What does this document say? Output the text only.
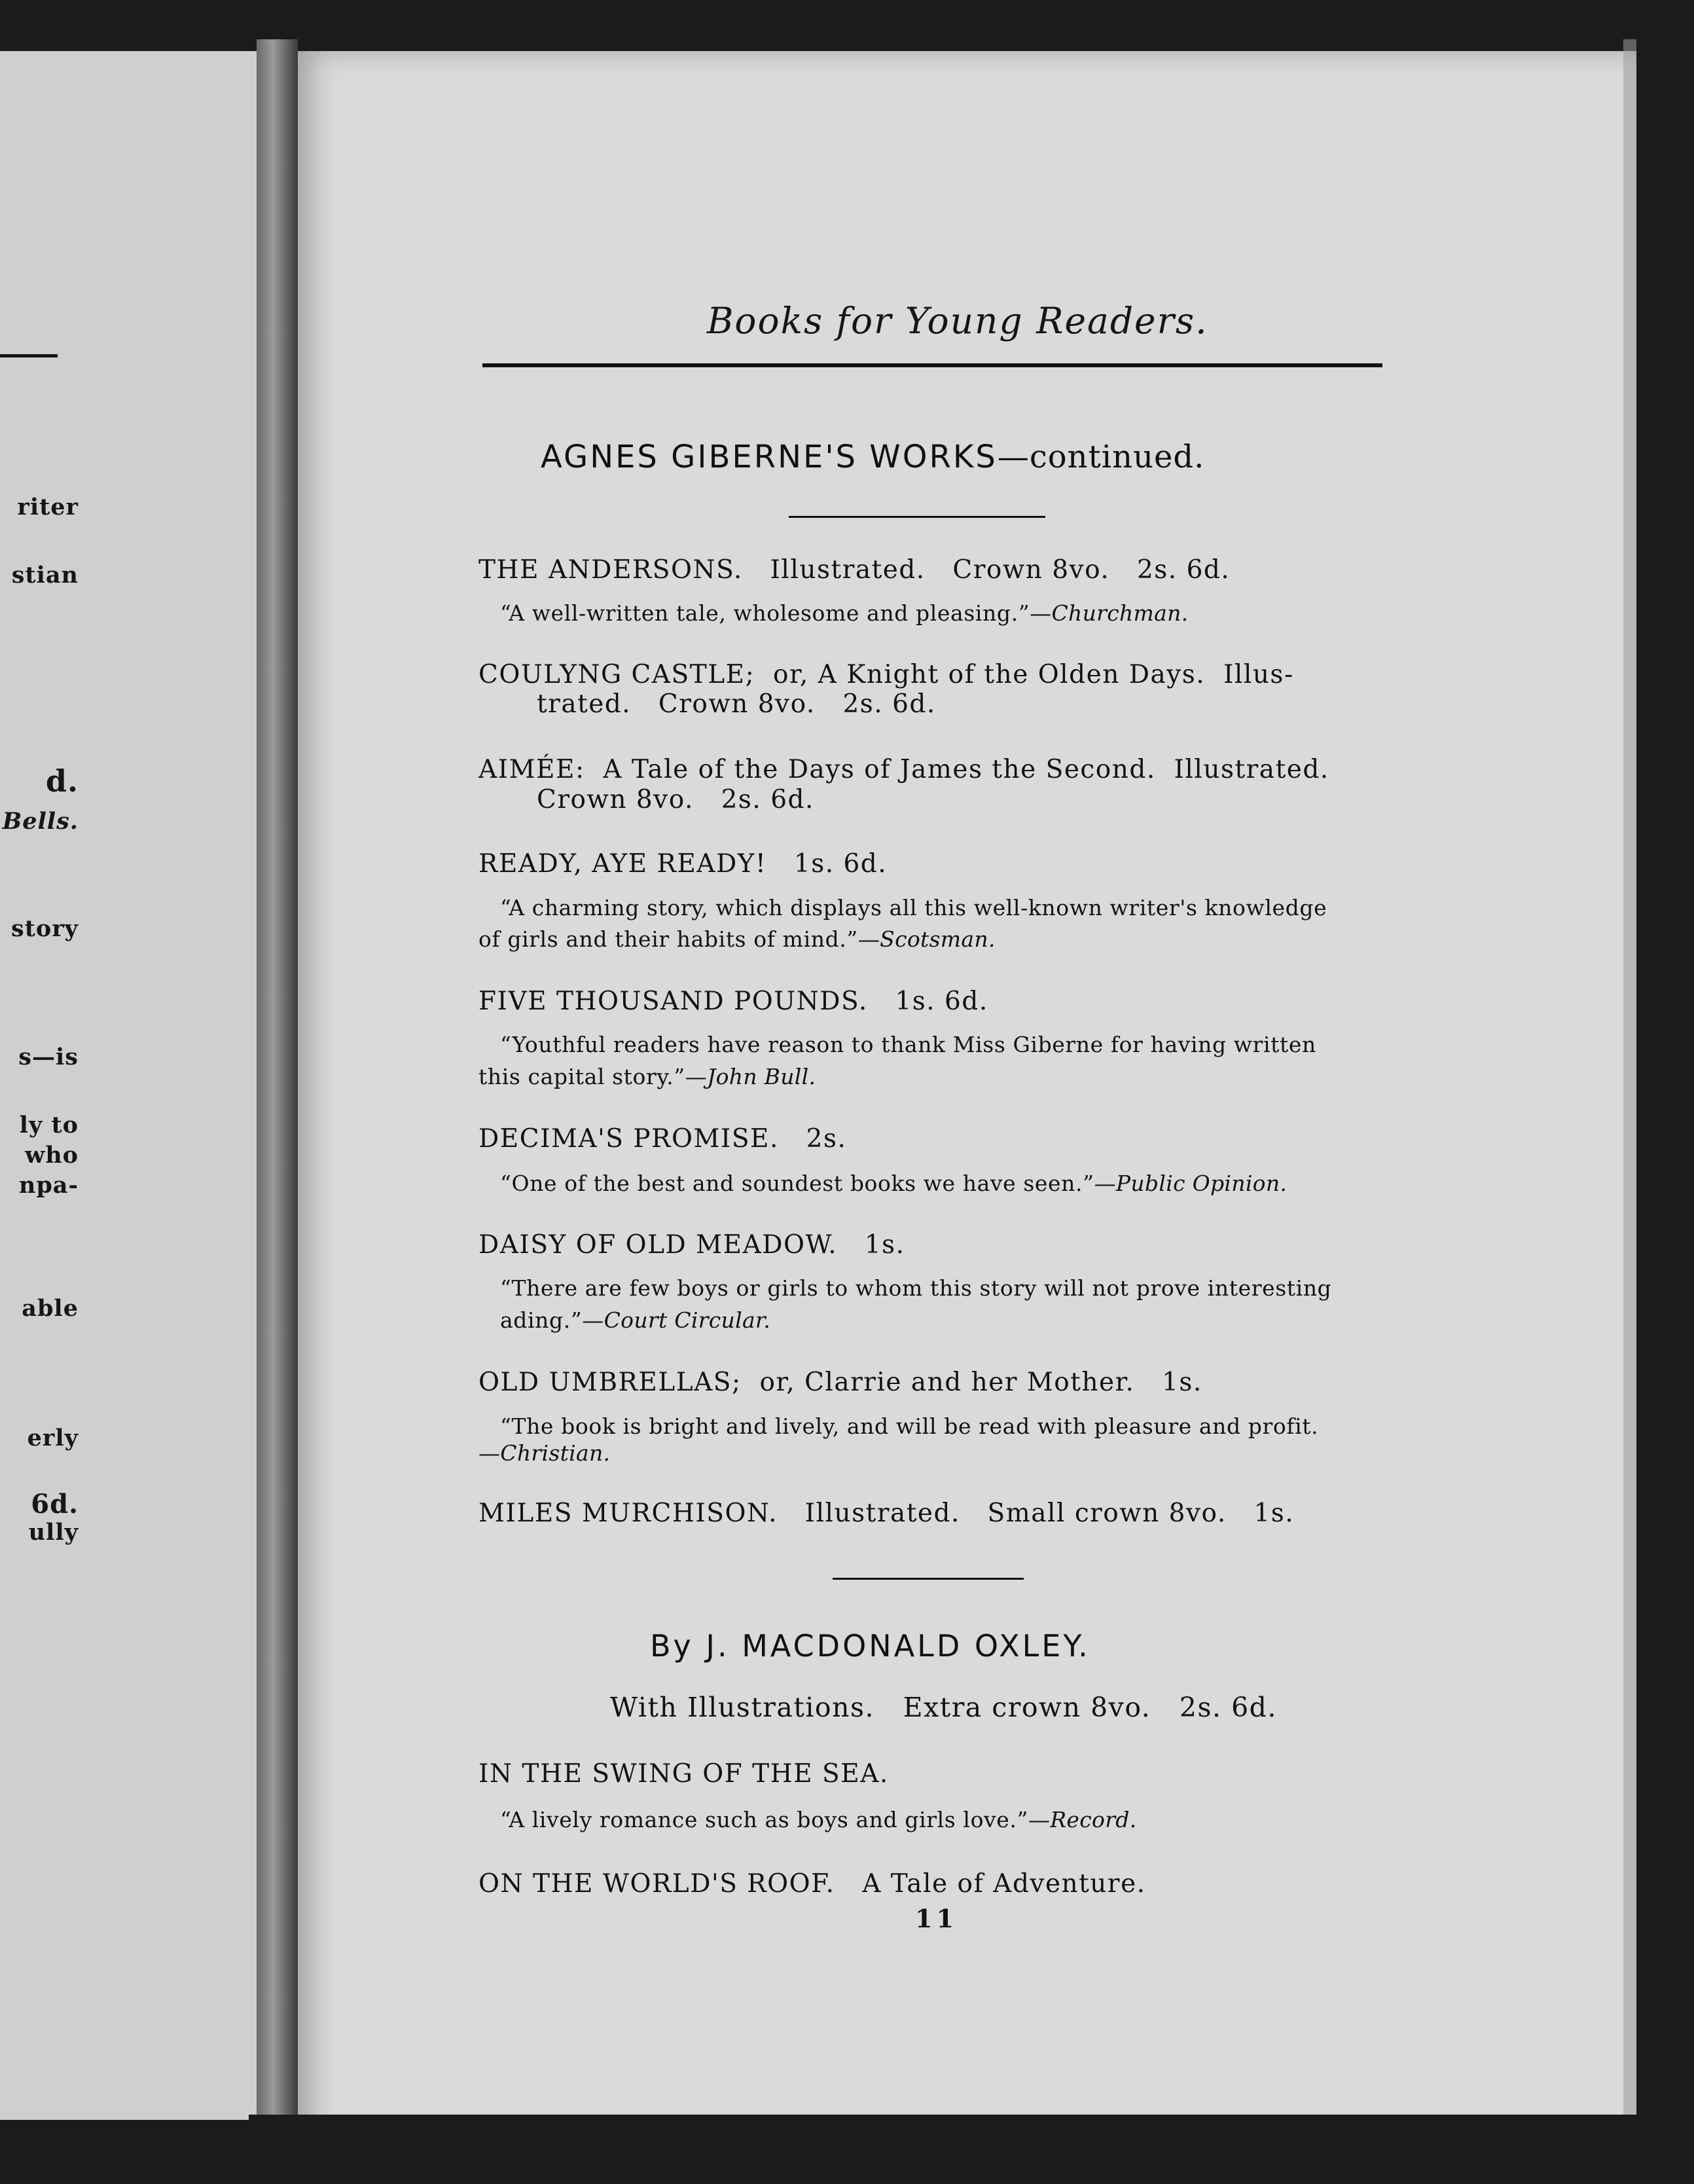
riter
stian
d.
Bells.
story
s—is
ly to
who
npa-
able
erly
6d.
ully
Books for Young Readers.
AGNES GIBERNE'S WORKS—continued.
THE ANDERSONS. Illustrated.   Crown 8vo.   2s. 6d.
“A well-written tale, wholesome and pleasing.”—Churchman.
COULYNG CASTLE; or, A Knight of the Olden Days.  Illus-
trated.   Crown 8vo.   2s. 6d.
AIMÉE: A Tale of the Days of James the Second.  Illustrated.
Crown 8vo.   2s. 6d.
READY, AYE READY! 1s. 6d.
“A charming story, which displays all this well-known writer's knowledge
of girls and their habits of mind.”—Scotsman.
FIVE THOUSAND POUNDS. 1s. 6d.
“Youthful readers have reason to thank Miss Giberne for having written
this capital story.”—John Bull.
DECIMA'S PROMISE. 2s.
“One of the best and soundest books we have seen.”—Public Opinion.
DAISY OF OLD MEADOW. 1s.
“There are few boys or girls to whom this story will not prove interesting
ading.”—Court Circular.
OLD UMBRELLAS; or, Clarrie and her Mother.   1s.
“The book is bright and lively, and will be read with pleasure and profit.
—Christian.
MILES MURCHISON. Illustrated.   Small crown 8vo.   1s.
By J. MACDONALD OXLEY.
With Illustrations.   Extra crown 8vo.   2s. 6d.
IN THE SWING OF THE SEA.
“A lively romance such as boys and girls love.”—Record.
ON THE WORLD'S ROOF. A Tale of Adventure.
11
